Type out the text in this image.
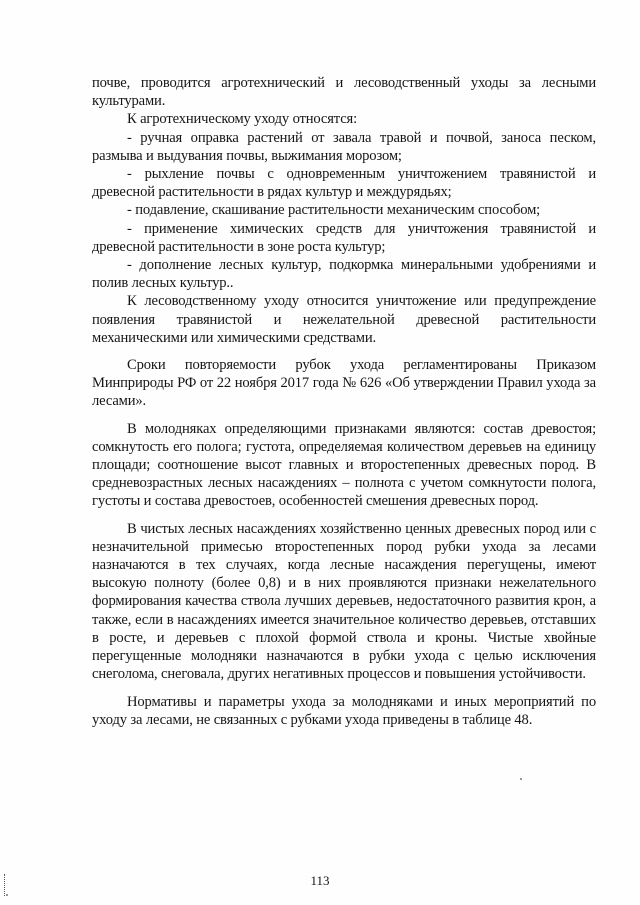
почве, проводится агротехнический и лесоводственный уходы за лесными культурами.

К агротехническому уходу относятся:

- ручная оправка растений от завала травой и почвой, заноса песком, размыва и выдувания почвы, выжимания морозом;

- рыхление почвы с одновременным уничтожением травянистой и древесной растительности в рядах культур и междурядьях;

- подавление, скашивание растительности механическим способом;

- применение химических средств для уничтожения травянистой и древесной растительности в зоне роста культур;

- дополнение лесных культур, подкормка минеральными удобрениями и полив лесных культур..

К лесоводственному уходу относится уничтожение или предупреждение появления травянистой и нежелательной древесной растительности механическими или химическими средствами.

Сроки повторяемости рубок ухода регламентированы Приказом Минприроды РФ от 22 ноября 2017 года № 626 «Об утверждении Правил ухода за лесами».

В молодняках определяющими признаками являются: состав древостоя; сомкнутость его полога; густота, определяемая количеством деревьев на единицу площади; соотношение высот главных и второстепенных древесных пород. В средневозрастных лесных насаждениях – полнота с учетом сомкнутости полога, густоты и состава древостоев, особенностей смешения древесных пород.

В чистых лесных насаждениях хозяйственно ценных древесных пород или с незначительной примесью второстепенных пород рубки ухода за лесами назначаются в тех случаях, когда лесные насаждения перегущены, имеют высокую полноту (более 0,8) и в них проявляются признаки нежелательного формирования качества ствола лучших деревьев, недостаточного развития крон, а также, если в насаждениях имеется значительное количество деревьев, отставших в росте, и деревьев с плохой формой ствола и кроны. Чистые хвойные перегущенные молодняки назначаются в рубки ухода с целью исключения снеголома, снеговала, других негативных процессов и повышения устойчивости.

Нормативы и параметры ухода за молодняками и иных мероприятий по уходу за лесами, не связанных с рубками ухода приведены в таблице 48.

113
